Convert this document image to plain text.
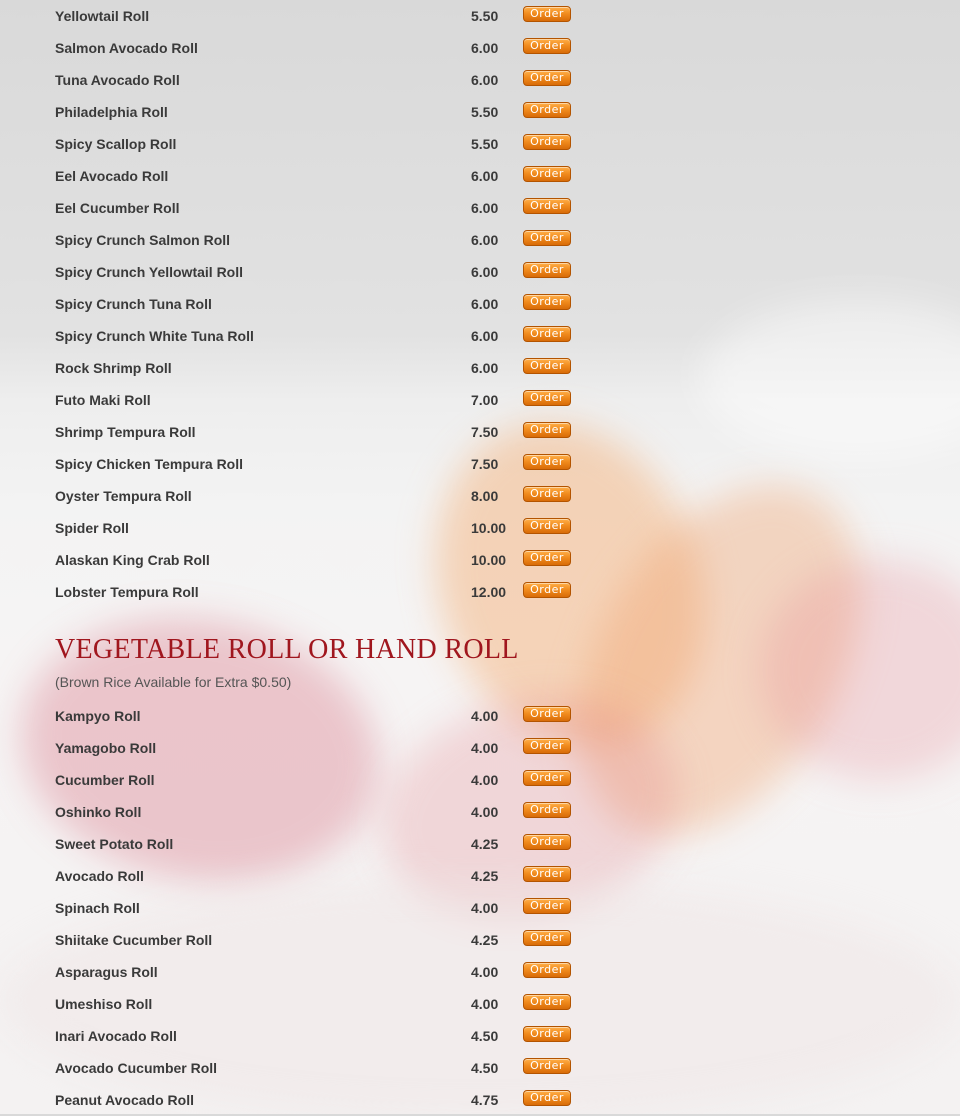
Yellowtail Roll	5.50	Order
Salmon Avocado Roll	6.00	Order
Tuna Avocado Roll	6.00	Order
Philadelphia Roll	5.50	Order
Spicy Scallop Roll	5.50	Order
Eel Avocado Roll	6.00	Order
Eel Cucumber Roll	6.00	Order
Spicy Crunch Salmon Roll	6.00	Order
Spicy Crunch Yellowtail Roll	6.00	Order
Spicy Crunch Tuna Roll	6.00	Order
Spicy Crunch White Tuna Roll	6.00	Order
Rock Shrimp Roll	6.00	Order
Futo Maki Roll	7.00	Order
Shrimp Tempura Roll	7.50	Order
Spicy Chicken Tempura Roll	7.50	Order
Oyster Tempura Roll	8.00	Order
Spider Roll	10.00	Order
Alaskan King Crab Roll	10.00	Order
Lobster Tempura Roll	12.00	Order
VEGETABLE ROLL OR HAND ROLL
(Brown Rice Available for Extra $0.50)
Kampyo Roll	4.00	Order
Yamagobo Roll	4.00	Order
Cucumber Roll	4.00	Order
Oshinko Roll	4.00	Order
Sweet Potato Roll	4.25	Order
Avocado Roll	4.25	Order
Spinach Roll	4.00	Order
Shiitake Cucumber Roll	4.25	Order
Asparagus Roll	4.00	Order
Umeshiso Roll	4.00	Order
Inari Avocado Roll	4.50	Order
Avocado Cucumber Roll	4.50	Order
Peanut Avocado Roll	4.75	Order
